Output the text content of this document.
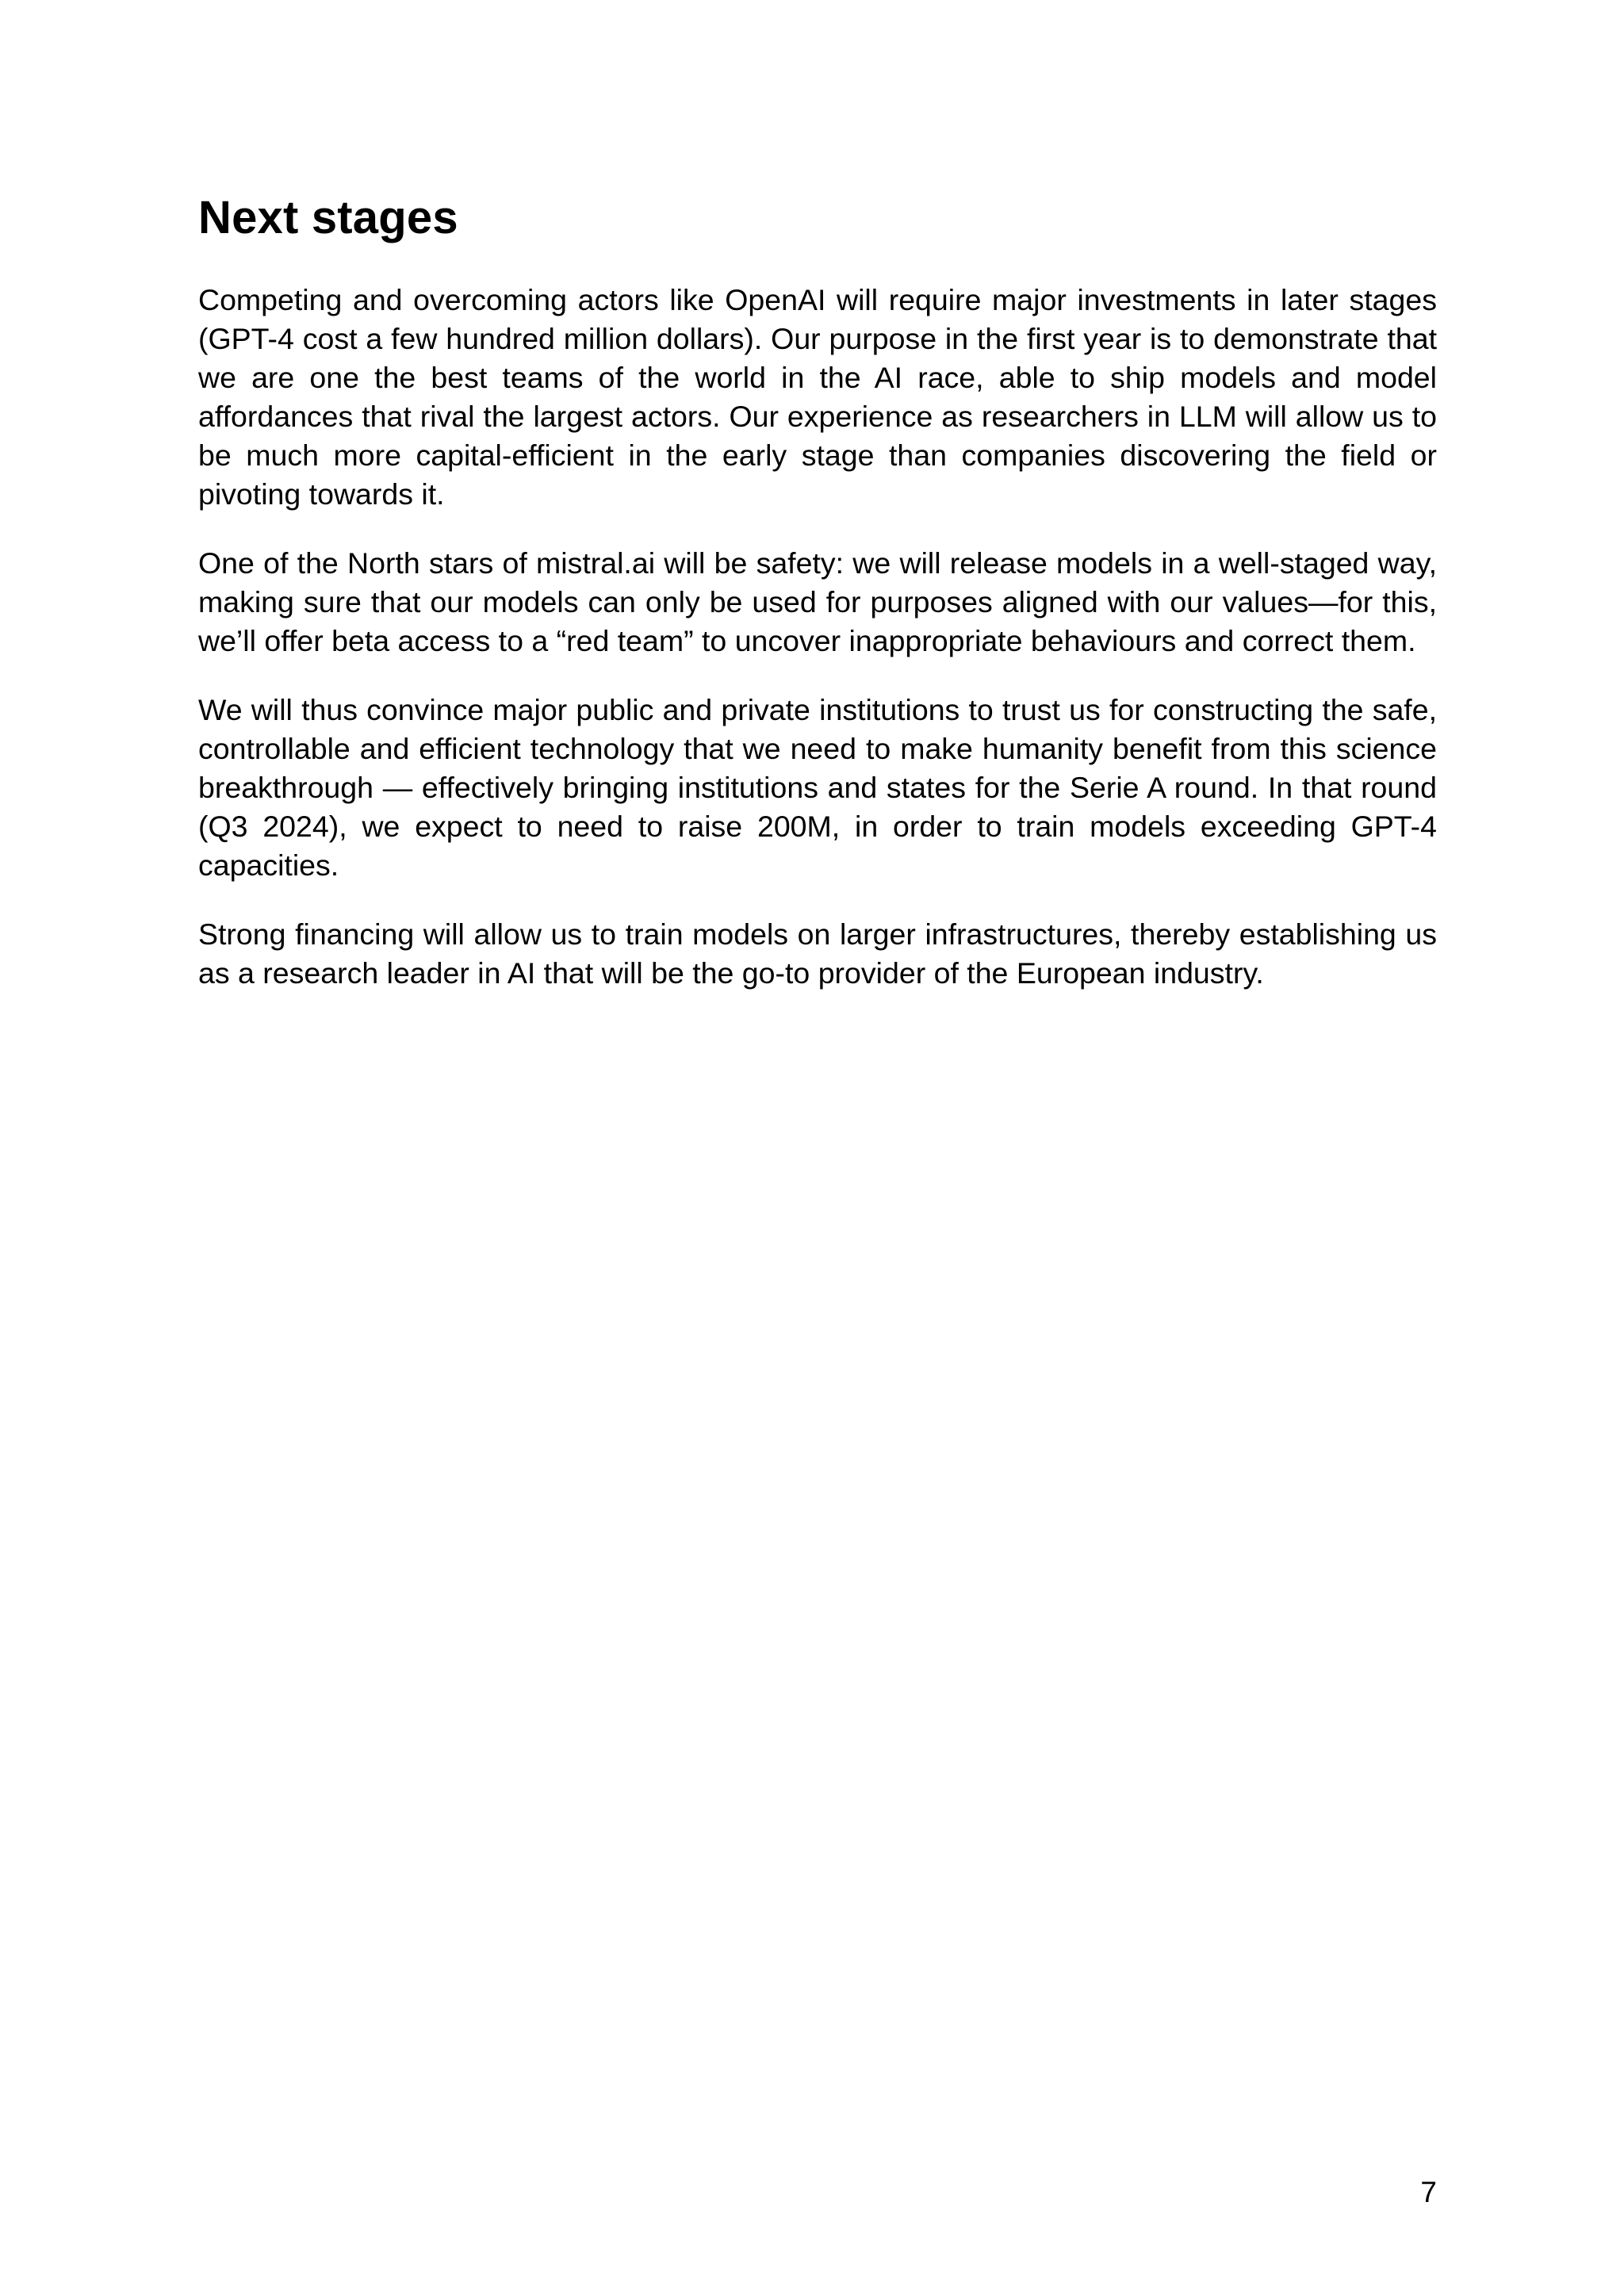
Next stages

Competing and overcoming actors like OpenAI will require major investments in later stages (GPT-4 cost a few hundred million dollars). Our purpose in the first year is to demonstrate that we are one the best teams of the world in the AI race, able to ship models and model affordances that rival the largest actors. Our experience as researchers in LLM will allow us to be much more capital-efficient in the early stage than companies discovering the field or pivoting towards it.

One of the North stars of mistral.ai will be safety: we will release models in a well-staged way, making sure that our models can only be used for purposes aligned with our values—for this, we’ll offer beta access to a “red team” to uncover inappropriate behaviours and correct them.

We will thus convince major public and private institutions to trust us for constructing the safe, controllable and efficient technology that we need to make humanity benefit from this science breakthrough — effectively bringing institutions and states for the Serie A round. In that round (Q3 2024), we expect to need to raise 200M, in order to train models exceeding GPT-4 capacities.

Strong financing will allow us to train models on larger infrastructures, thereby establishing us as a research leader in AI that will be the go-to provider of the European industry.

7
